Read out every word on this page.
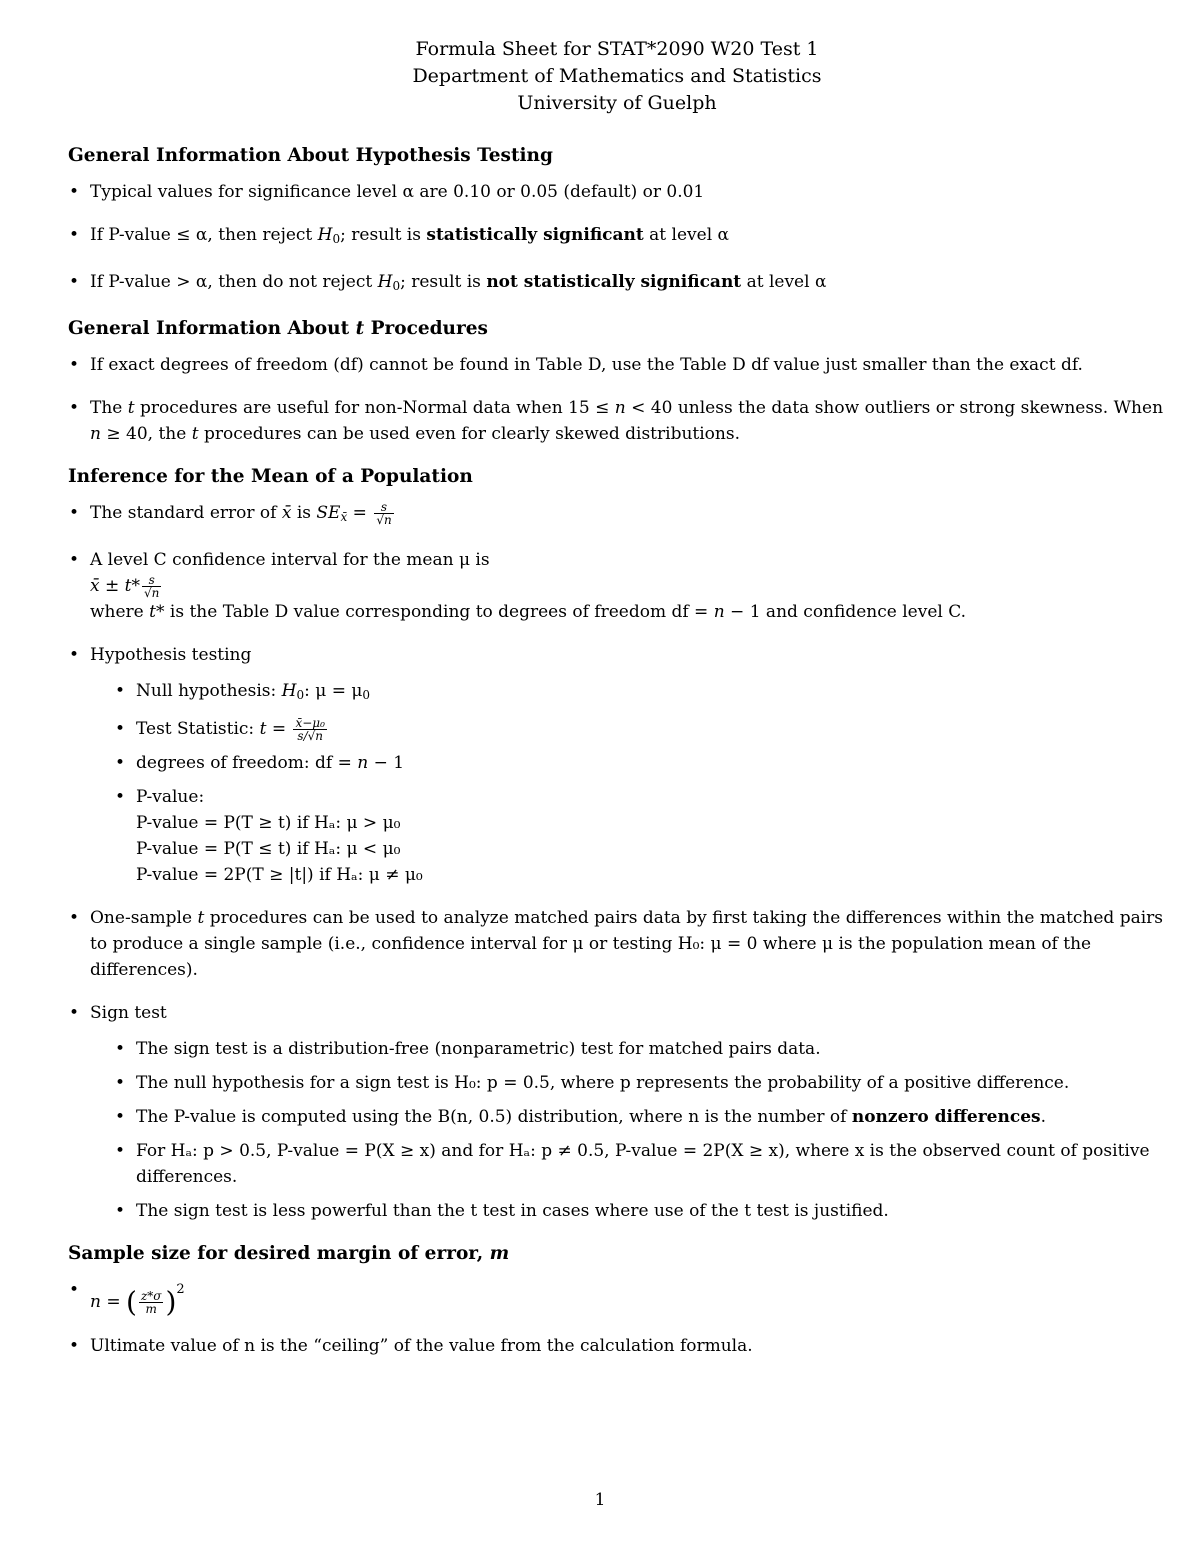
Formula Sheet for STAT*2090 W20 Test 1
Department of Mathematics and Statistics
University of Guelph
General Information About Hypothesis Testing
• Typical values for significance level α are 0.10 or 0.05 (default) or 0.01
• If P-value ≤ α, then reject $H_0$; result is statistically significant at level α
• If P-value > α, then do not reject $H_0$; result is not statistically significant at level α
General Information About t Procedures
• If exact degrees of freedom (df) cannot be found in Table D, use the Table D df value just smaller than the exact df.
• The t procedures are useful for non-Normal data when 15 ≤ n < 40 unless the data show outliers or strong skewness. When n ≥ 40, the t procedures can be used even for clearly skewed distributions.
Inference for the Mean of a Population
• The standard error of x̄ is $SE_{x̄} = \frac{s}{√n}$
• A level C confidence interval for the mean μ is
x̄ ± $t* \frac{s}{√n}$

where t* is the Table D value corresponding to degrees of freedom df = n − 1 and confidence level C.
• Hypothesis testing
• Null hypothesis: $H_0$: $\mu = \mu_0$
• Test Statistic: $t = \frac{\text{x̄−μ₀}}{s/√n}$
• degrees of freedom: df = n − 1
• P-value:
P-value = P(T ≥ t) if Hₐ: μ > μ₀
P-value = P(T ≤ t) if Hₐ: μ < μ₀
P-value = 2P(T ≥ |t|) if Hₐ: μ ≠ μ₀
• One-sample t procedures can be used to analyze matched pairs data by first taking the differences within the matched pairs to produce a single sample (i.e., confidence interval for μ or testing H₀: μ = 0 where μ is the population mean of the differences).
• Sign test
• The sign test is a distribution-free (nonparametric) test for matched pairs data.
• The null hypothesis for a sign test is H₀: p = 0.5, where p represents the probability of a positive difference.
• The P-value is computed using the B(n, 0.5) distribution, where n is the number of nonzero differences.
• For Hₐ: p > 0.5, P-value = P(X ≥ x) and for Hₐ: p ≠ 0.5, P-value = 2P(X ≥ x), where x is the observed count of positive differences.
• The sign test is less powerful than the t test in cases where use of the t test is justified.
Sample size for desired margin of error, m
• n = ( $\frac{z*\sigma}{m} )^2$
• Ultimate value of n is the “ceiling” of the value from the calculation formula.
1
